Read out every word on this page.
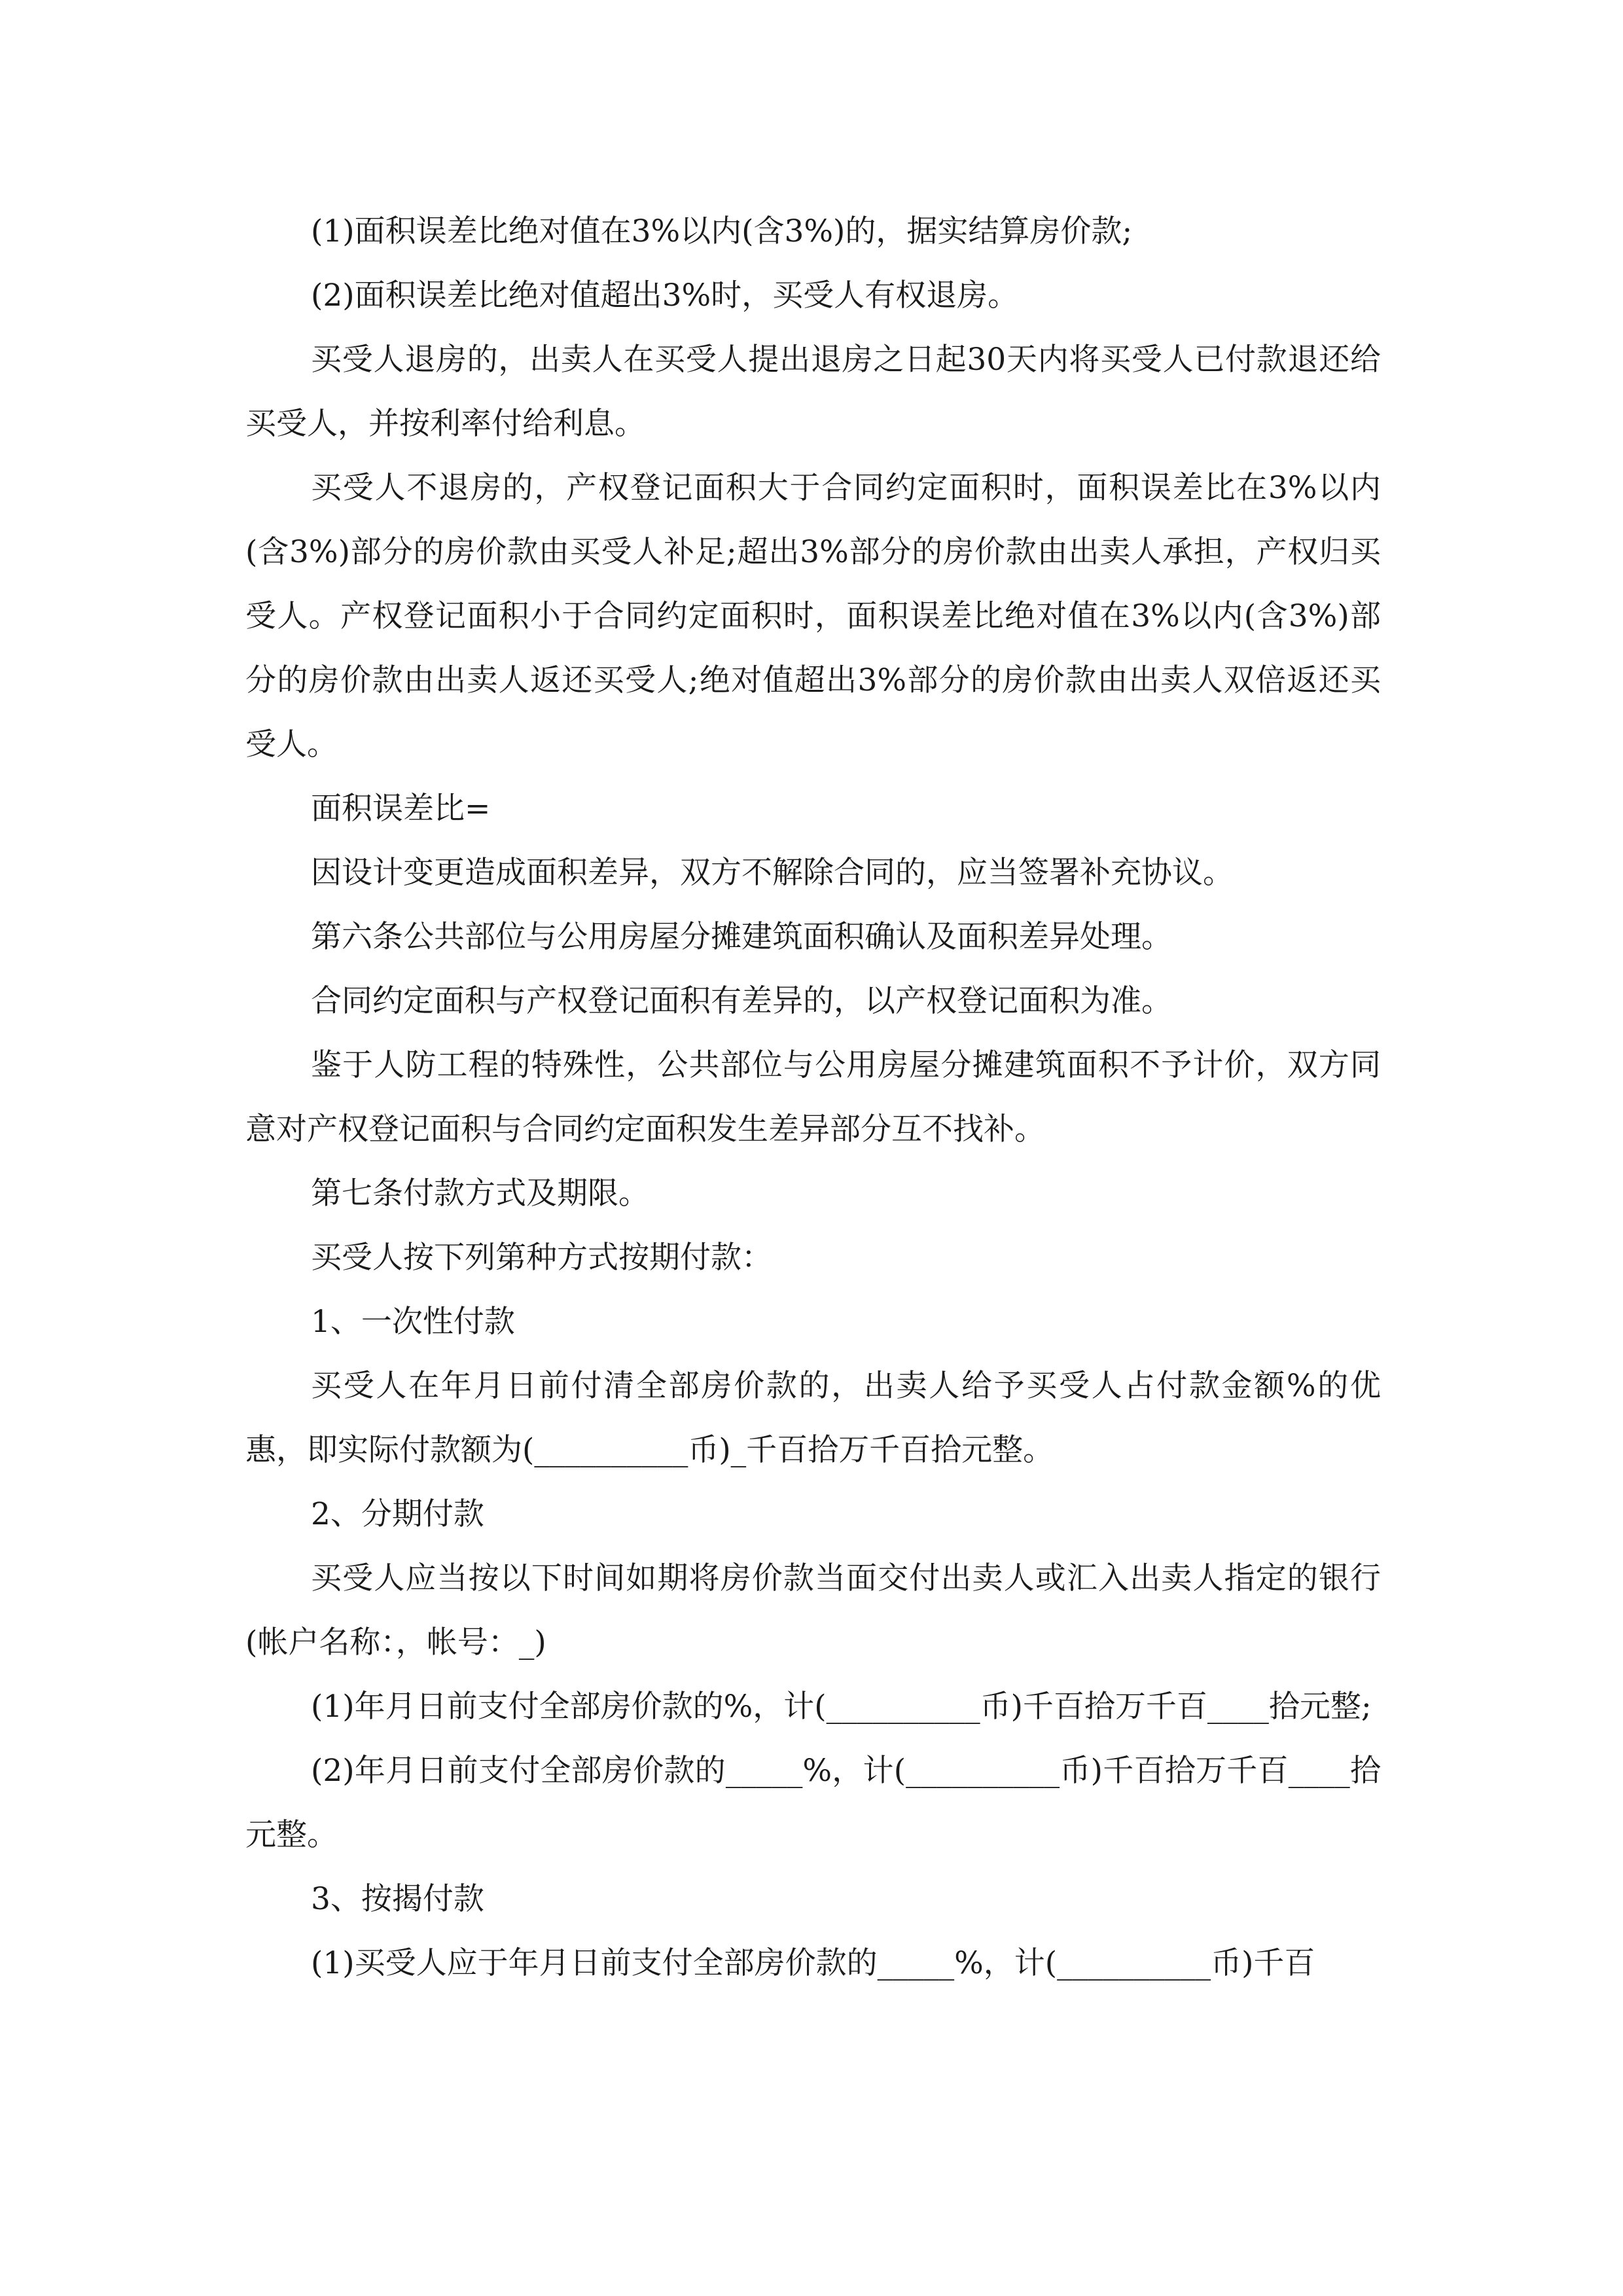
(1)面积误差比绝对值在3%以内(含3%)的，据实结算房价款;

(2)面积误差比绝对值超出3%时，买受人有权退房。

买受人退房的，出卖人在买受人提出退房之日起30天内将买受人已付款退还给买受人，并按利率付给利息。

买受人不退房的，产权登记面积大于合同约定面积时，面积误差比在3%以内(含3%)部分的房价款由买受人补足;超出3%部分的房价款由出卖人承担，产权归买受人。产权登记面积小于合同约定面积时，面积误差比绝对值在3%以内(含3%)部分的房价款由出卖人返还买受人;绝对值超出3%部分的房价款由出卖人双倍返还买受人。

面积误差比=

因设计变更造成面积差异，双方不解除合同的，应当签署补充协议。

第六条公共部位与公用房屋分摊建筑面积确认及面积差异处理。

合同约定面积与产权登记面积有差异的，以产权登记面积为准。

鉴于人防工程的特殊性，公共部位与公用房屋分摊建筑面积不予计价，双方同意对产权登记面积与合同约定面积发生差异部分互不找补。

第七条付款方式及期限。

买受人按下列第种方式按期付款：

1、一次性付款

买受人在年月日前付清全部房价款的，出卖人给予买受人占付款金额%的优惠，即实际付款额为(__________币)_千百拾万千百拾元整。

2、分期付款

买受人应当按以下时间如期将房价款当面交付出卖人或汇入出卖人指定的银行(帐户名称：，帐号：_)

(1)年月日前支付全部房价款的%，计(__________币)千百拾万千百____拾元整;

(2)年月日前支付全部房价款的_____%，计(__________币)千百拾万千百____拾元整。

3、按揭付款

(1)买受人应于年月日前支付全部房价款的_____%，计(__________币)千百
